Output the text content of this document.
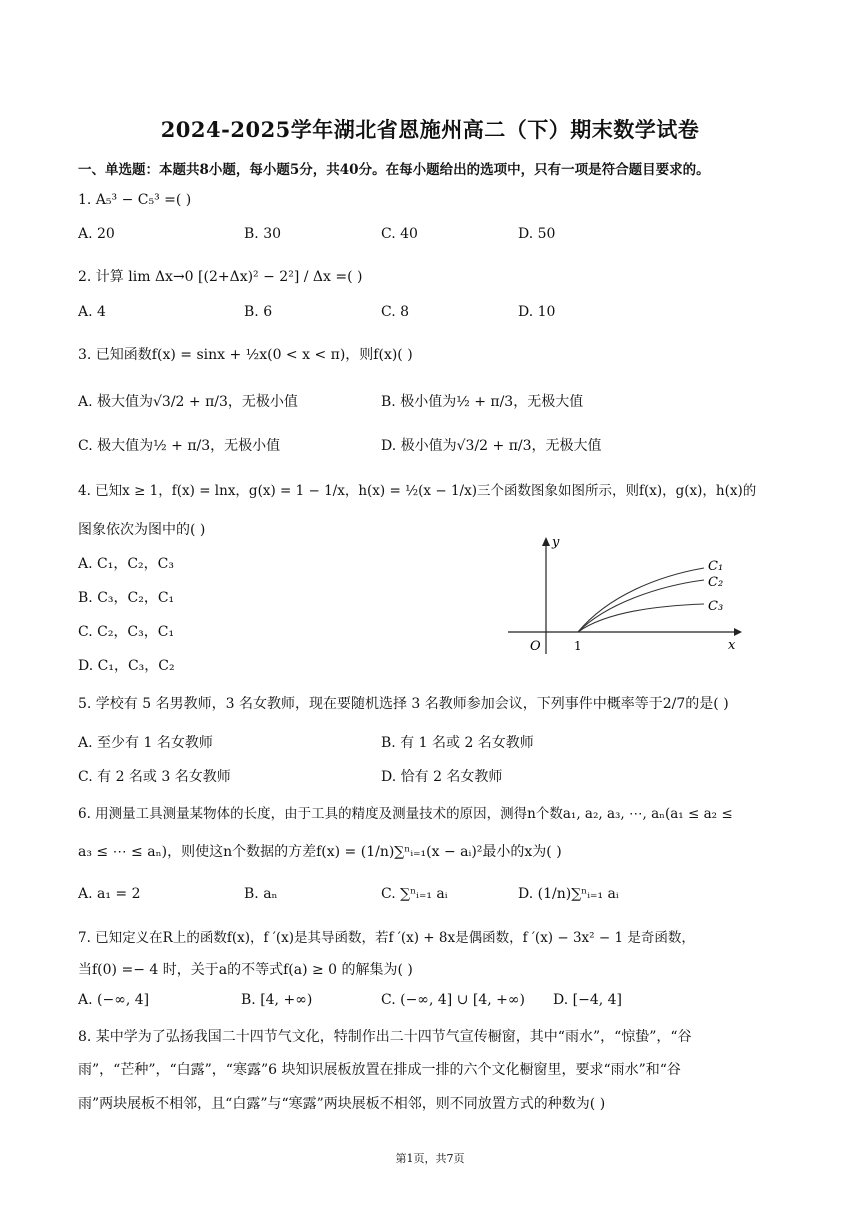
2024-2025学年湖北省恩施州高二（下）期末数学试卷
一、单选题：本题共8小题，每小题5分，共40分。在每小题给出的选项中，只有一项是符合题目要求的。
1. A₅³ − C₅³ =( )
A. 20	B. 30	C. 40	D. 50
2. 计算 lim Δx→0 [(2+Δx)² − 2²] / Δx =( )
A. 4	B. 6	C. 8	D. 10
3. 已知函数f(x) = sinx + ½x(0 < x < π)，则f(x)( )
A. 极大值为√3/2 + π/3，无极小值	B. 极小值为½ + π/3，无极大值
C. 极大值为½ + π/3，无极小值	D. 极小值为√3/2 + π/3，无极大值
4. 已知x ≥ 1，f(x) = lnx，g(x) = 1 − 1/x，h(x) = ½(x − 1/x)三个函数图象如图所示，则f(x)，g(x)，h(x)的
图象依次为图中的( )
A. C₁，C₂，C₃
B. C₃，C₂，C₁
C. C₂，C₃，C₁
D. C₁，C₃，C₂
y
x
O	1
C₁
C₂
C₃
5. 学校有 5 名男教师，3 名女教师，现在要随机选择 3 名教师参加会议，下列事件中概率等于2/7的是( )
A. 至少有 1 名女教师	B. 有 1 名或 2 名女教师
C. 有 2 名或 3 名女教师	D. 恰有 2 名女教师
6. 用测量工具测量某物体的长度，由于工具的精度及测量技术的原因，测得n个数a₁, a₂, a₃, ⋯, aₙ(a₁ ≤ a₂ ≤
a₃ ≤ ⋯ ≤ aₙ)，则使这n个数据的方差f(x) = (1/n)∑ⁿᵢ₌₁(x − aᵢ)²最小的x为( )
A. a₁ = 2	B. aₙ	C. ∑ⁿᵢ₌₁ aᵢ	D. (1/n)∑ⁿᵢ₌₁ aᵢ
7. 已知定义在R上的函数f(x)，f ′(x)是其导函数，若f ′(x) + 8x是偶函数，f ′(x) − 3x² − 1 是奇函数，
当f(0) =− 4 时，关于a的不等式f(a) ≥ 0 的解集为( )
A. (−∞, 4]	B. [4, +∞)	C. (−∞, 4] ∪ [4, +∞) D. [−4, 4]
8. 某中学为了弘扬我国二十四节气文化，特制作出二十四节气宣传橱窗，其中“雨水”，“惊蛰”，“谷
雨”，“芒种”，“白露”，“寒露”6 块知识展板放置在排成一排的六个文化橱窗里，要求“雨水”和“谷
雨”两块展板不相邻，且“白露”与“寒露”两块展板不相邻，则不同放置方式的种数为( )
第1页，共7页
